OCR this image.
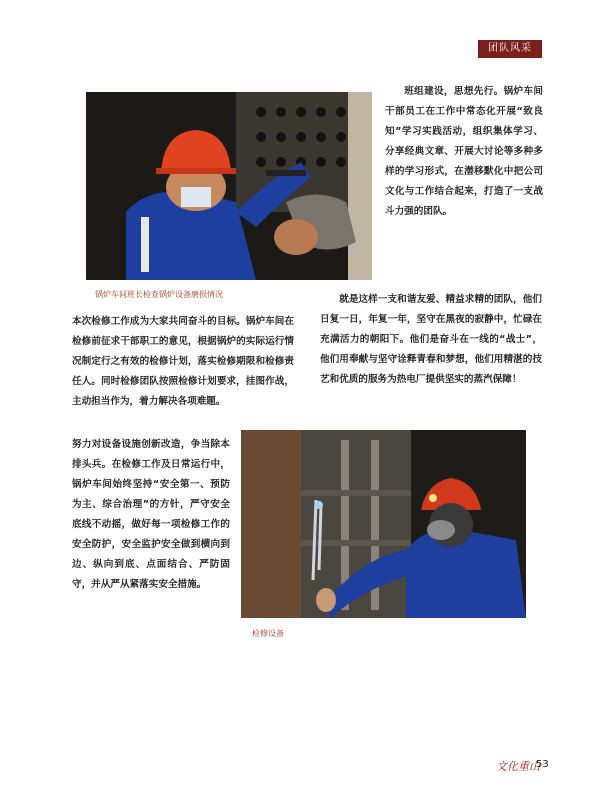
团队风采
锅炉车间班长检查锅炉设备磨损情况

班组建设，思想先行。锅炉车间干部员工在工作中常态化开展“致良知”学习实践活动，组织集体学习、分享经典文章、开展大讨论等多种多样的学习形式，在潜移默化中把公司文化与工作结合起来，打造了一支战斗力强的团队。

就是这样一支和谐友爱、精益求精的团队，他们日复一日，年复一年，坚守在黑夜的寂静中，忙碌在充满活力的朝阳下。他们是奋斗在一线的“战士”，他们用奉献与坚守诠释青春和梦想，他们用精湛的技艺和优质的服务为热电厂提供坚实的蒸汽保障！

本次检修工作成为大家共同奋斗的目标。锅炉车间在检修前征求干部职工的意见，根据锅炉的实际运行情况制定行之有效的检修计划，落实检修期限和检修责任人。同时检修团队按照检修计划要求，挂图作战，主动担当作为，着力解决各项难题。

努力对设备设施创新改造，争当除本排头兵。在检修工作及日常运行中，锅炉车间始终坚持“安全第一、预防为主、综合治理”的方针，严守安全底线不动摇，做好每一项检修工作的安全防护，安全监护安全做到横向到边、纵向到底、点面结合、严防固守，并从严从紧落实安全措施。

检修设备
文化重山
53
